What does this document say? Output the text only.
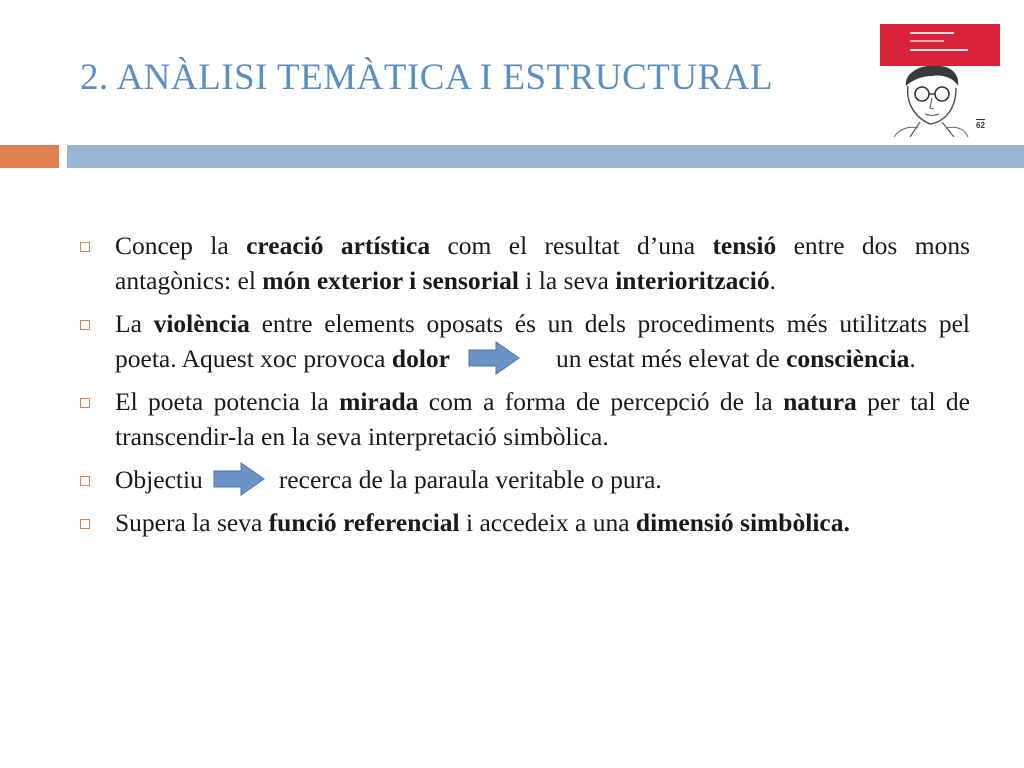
2. ANÀLISI TEMÀTICA I ESTRUCTURAL
62
Concep la creació artística com el resultat d’una tensió entre dos mons antagònics: el món exterior i sensorial i la seva interiorització.
La violència entre elements oposats és un dels procediments més utilitzats pel poeta. Aquest xoc provoca dolor	un estat més elevat de consciència.
El poeta potencia la mirada com a forma de percepció de la natura per tal de transcendir-la en la seva interpretació simbòlica.
Objectiu	recerca de la paraula veritable o pura.
Supera la seva funció referencial i accedeix a una dimensió simbòlica.
